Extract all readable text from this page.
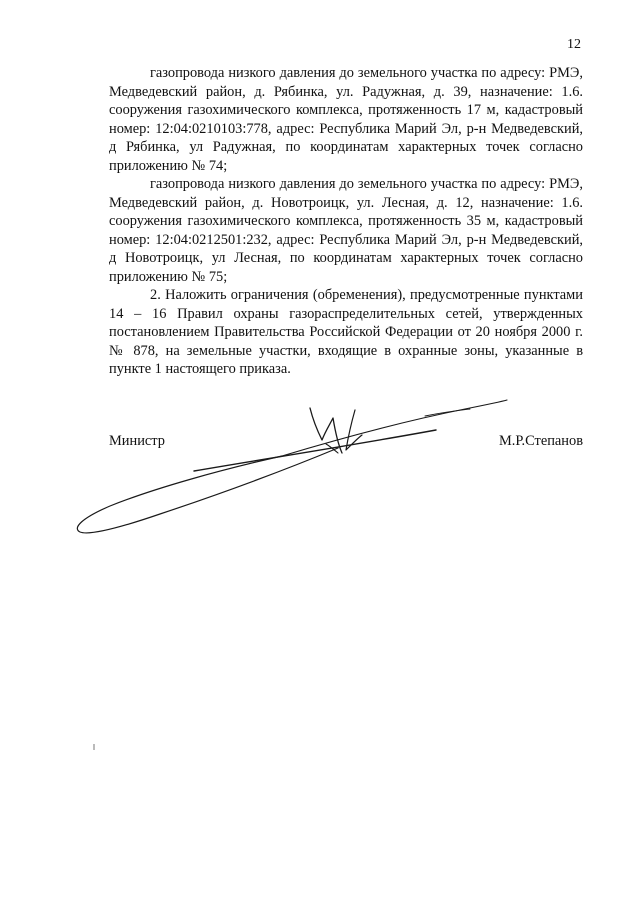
12

газопровода низкого давления до земельного участка по адресу: РМЭ, Медведевский район, д. Рябинка, ул. Радужная, д. 39, назначение: 1.6. сооружения газохимического комплекса, протяженность 17 м, кадастровый номер: 12:04:0210103:778, адрес: Республика Марий Эл, р-н Медведевский, д Рябинка, ул Радужная, по координатам характерных точек согласно приложению № 74;

газопровода низкого давления до земельного участка по адресу: РМЭ, Медведевский район, д. Новотроицк, ул. Лесная, д. 12, назначение: 1.6. сооружения газохимического комплекса, протяженность 35 м, кадастровый номер: 12:04:0212501:232, адрес: Республика Марий Эл, р-н Медведевский, д Новотроицк, ул Лесная, по координатам характерных точек согласно приложению № 75;

2. Наложить ограничения (обременения), предусмотренные пунктами 14 – 16 Правил охраны газораспределительных сетей, утвержденных постановлением Правительства Российской Федерации от 20 ноября 2000 г. № 878, на земельные участки, входящие в охранные зоны, указанные в пункте 1 настоящего приказа.

Министр	М.Р.Степанов
